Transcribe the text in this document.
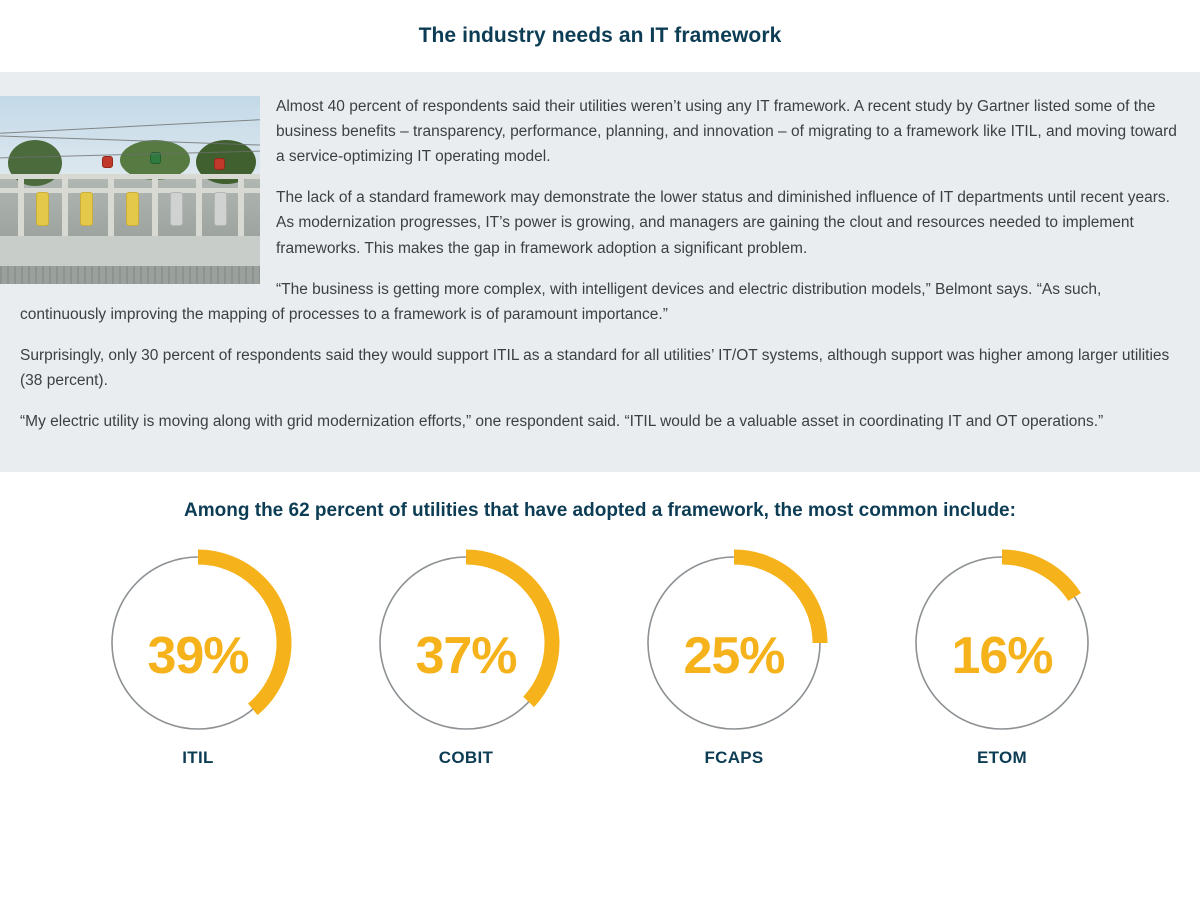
The industry needs an IT framework

Almost 40 percent of respondents said their utilities weren’t using any IT framework. A recent study by Gartner listed some of the business benefits – transparency, performance, planning, and innovation – of migrating to a framework like ITIL, and moving toward a service-optimizing IT operating model.

The lack of a standard framework may demonstrate the lower status and diminished influence of IT departments until recent years. As modernization progresses, IT’s power is growing, and managers are gaining the clout and resources needed to implement frameworks. This makes the gap in framework adoption a significant problem.

“The business is getting more complex, with intelligent devices and electric distribution models,” Belmont says. “As such, continuously improving the mapping of processes to a framework is of paramount importance.”

Surprisingly, only 30 percent of respondents said they would support ITIL as a standard for all utilities’ IT/OT systems, although support was higher among larger utilities (38 percent).

“My electric utility is moving along with grid modernization efforts,” one respondent said. “ITIL would be a valuable asset in coordinating IT and OT operations.”

Among the 62 percent of utilities that have adopted a framework, the most common include:
39%
ITIL
37%
COBIT
25%
FCAPS
16%
ETOM
